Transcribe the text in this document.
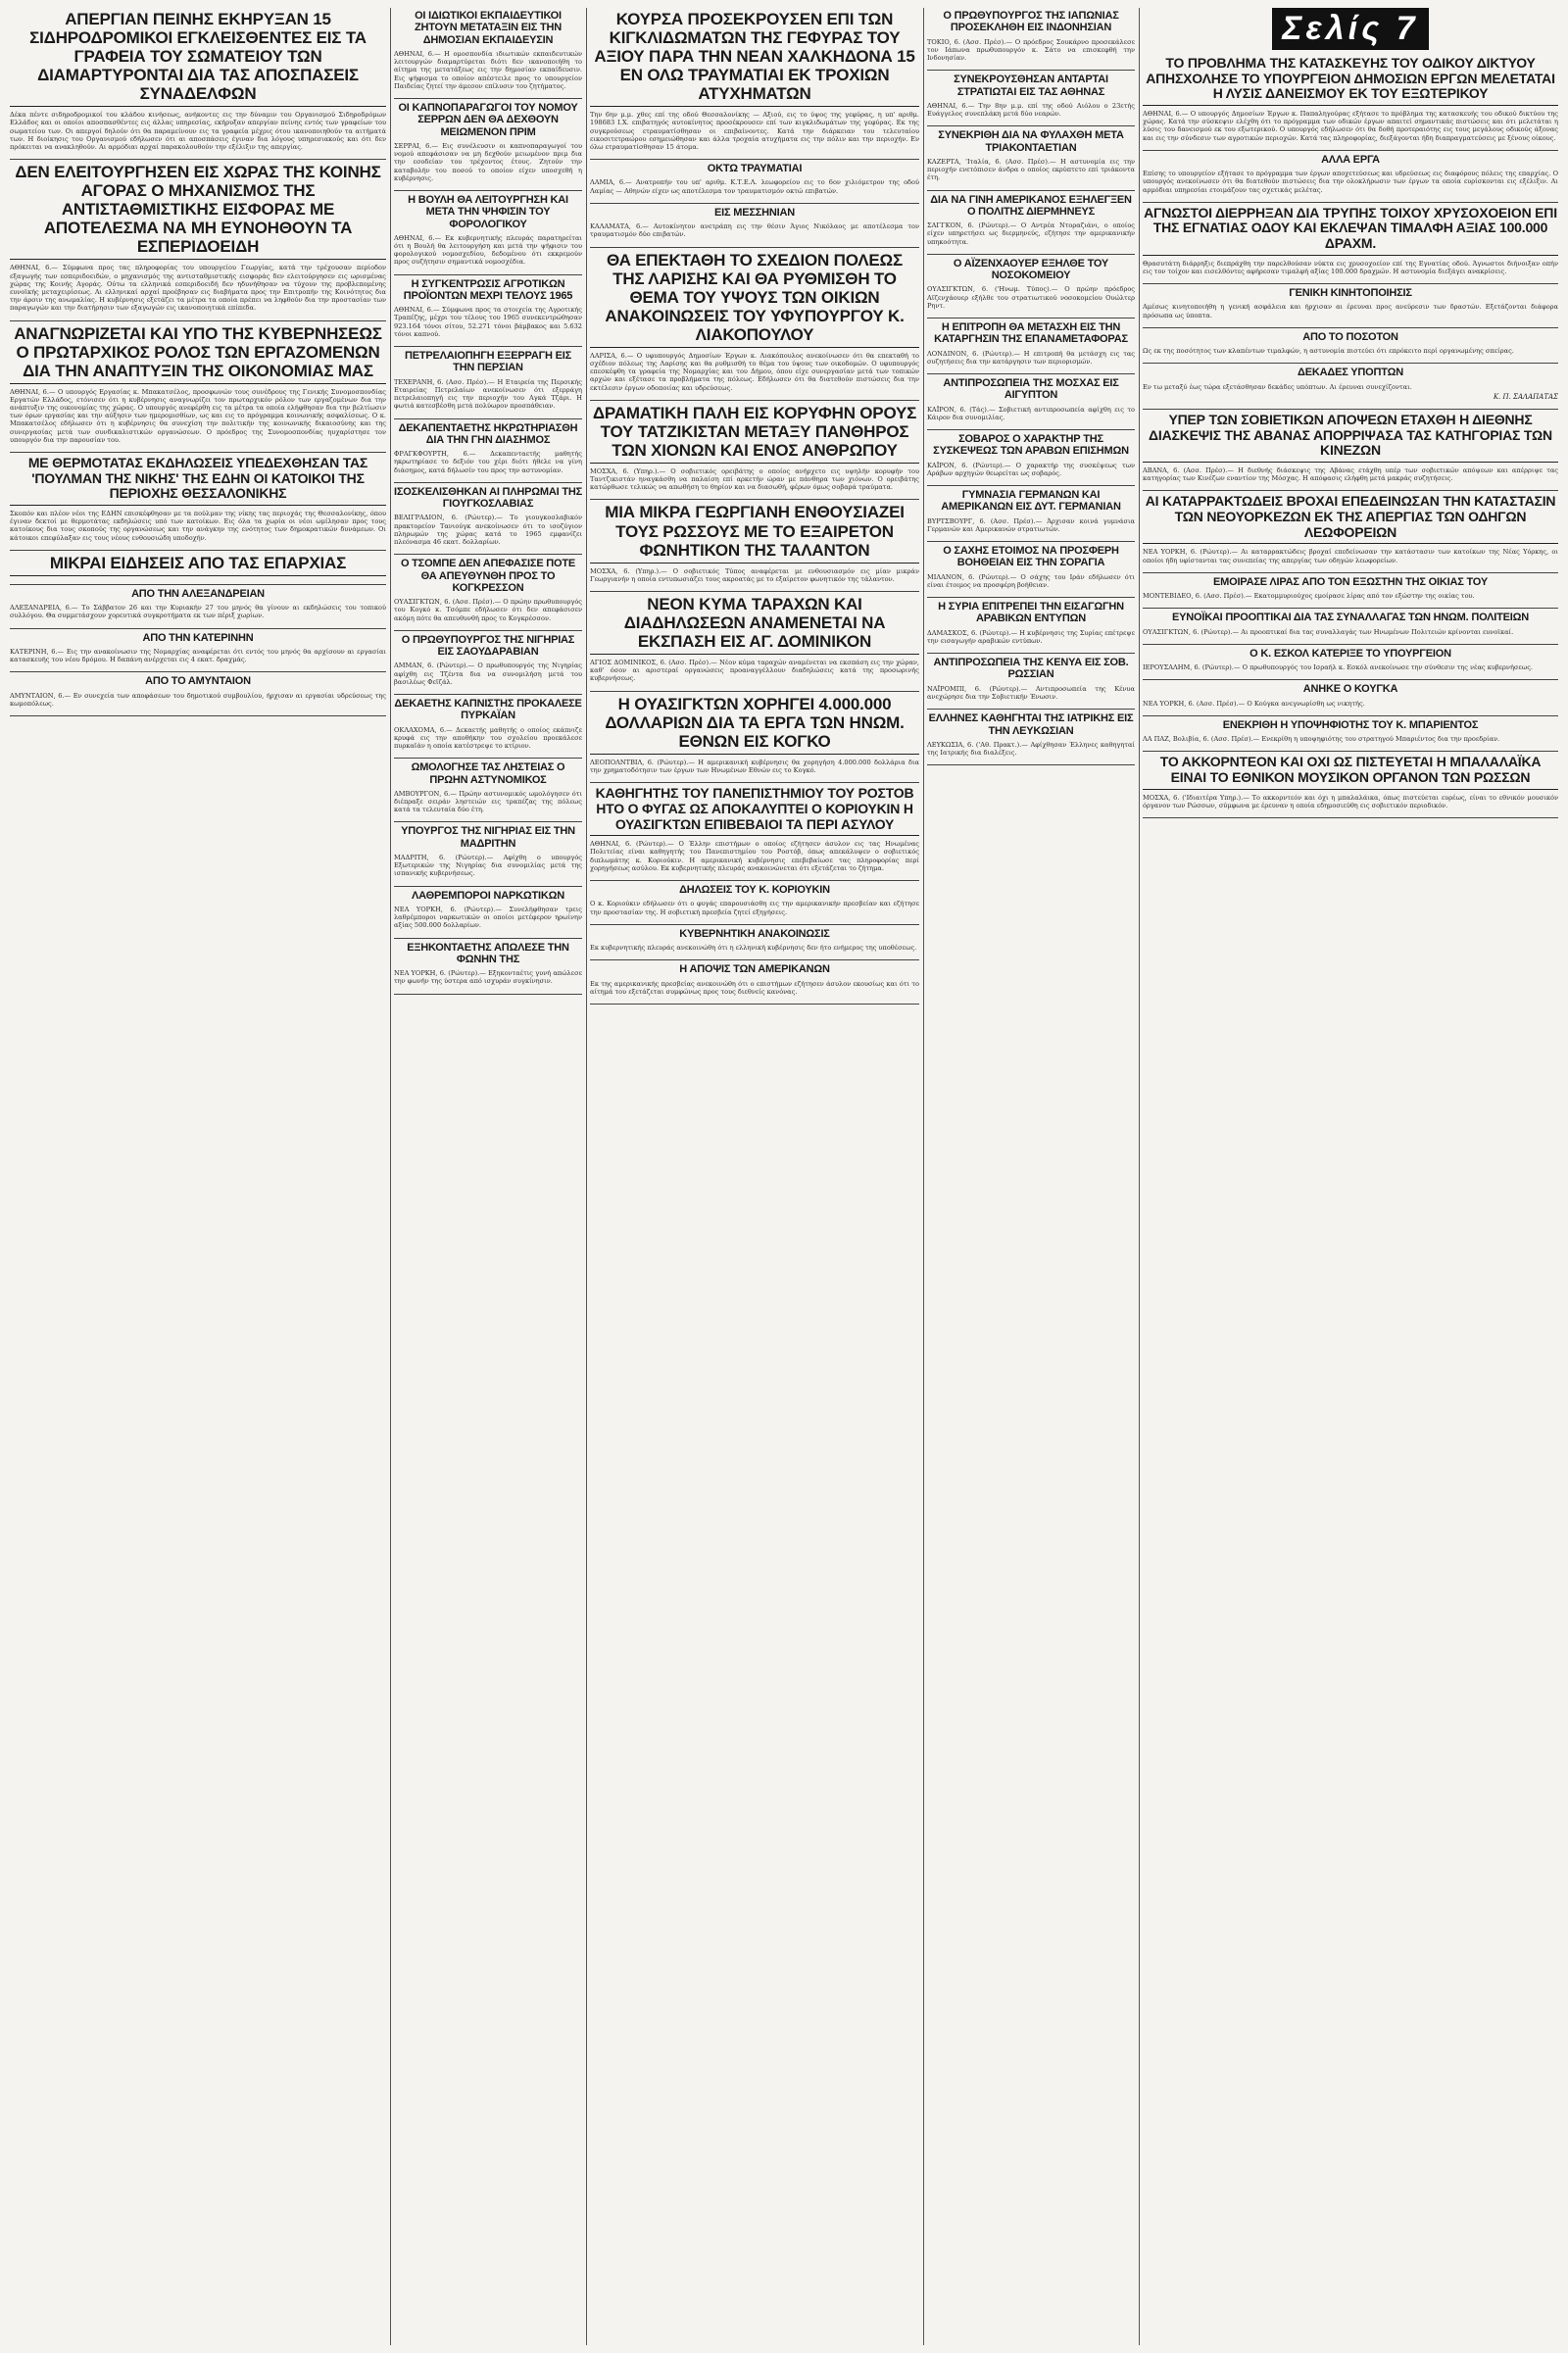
ΑΠΕΡΓΙΑΝ ΠΕΙΝΗΣ ΕΚΗΡΥΞΑΝ 15 ΣΙΔΗΡΟΔΡΟΜΙΚΟΙ ΕΓΚΛΕΙΣΘΕΝΤΕΣ ΕΙΣ ΤΑ ΓΡΑΦΕΙΑ ΤΟΥ ΣΩΜΑΤΕΙΟΥ ΤΩΝ ΔΙΑΜΑΡΤΥΡΟΝΤΑΙ ΔΙΑ ΤΑΣ ΑΠΟΣΠΑΣΕΙΣ ΣΥΝΑΔΕΛΦΩΝ

Δέκα πέντε σιδηροδρομικοί του κλάδου κινήσεως, ανήκοντες εις την δύναμιν του Οργανισμού Σιδηροδρόμων Ελλάδος και οι οποίοι αποσπασθέντες εις άλλας υπηρεσίας, εκήρυξαν απεργίαν πείνης εντός των γραφείων του σωματείου των. Οι απεργοί δηλούν ότι θα παραμείνουν εις τα γραφεία μέχρις ότου ικανοποιηθούν τα αιτήματά των. Η διοίκησις του Οργανισμού εδήλωσεν ότι αι αποσπάσεις έγιναν δια λόγους υπηρεσιακούς και ότι δεν πρόκειται να ανακληθούν. Αι αρμόδιαι αρχαί παρακολουθούν την εξέλιξιν της απεργίας.

ΔΕΝ ΕΛΕΙΤΟΥΡΓΗΣΕΝ ΕΙΣ ΧΩΡΑΣ ΤΗΣ ΚΟΙΝΗΣ ΑΓΟΡΑΣ Ο ΜΗΧΑΝΙΣΜΟΣ ΤΗΣ ΑΝΤΙΣΤΑΘΜΙΣΤΙΚΗΣ ΕΙΣΦΟΡΑΣ ΜΕ ΑΠΟΤΕΛΕΣΜΑ ΝΑ ΜΗ ΕΥΝΟΗΘΟΥΝ ΤΑ ΕΣΠΕΡΙΔΟΕΙΔΗ

ΑΘΗΝΑΙ, 6.— Σύμφωνα προς τας πληροφορίας του υπουργείου Γεωργίας, κατά την τρέχουσαν περίοδον εξαγωγής των εσπεριδοειδών, ο μηχανισμός της αντισταθμιστικής εισφοράς δεν ελειτούργησεν εις ωρισμένας χώρας της Κοινής Αγοράς. Ούτω τα ελληνικά εσπεριδοειδή δεν ηδυνήθησαν να τύχουν της προβλεπομένης ευνοϊκής μεταχειρίσεως. Αι ελληνικαί αρχαί προέβησαν εις διαβήματα προς την Επιτροπήν της Κοινότητος δια την άρσιν της ανωμαλίας. Η κυβέρνησις εξετάζει τα μέτρα τα οποία πρέπει να ληφθούν δια την προστασίαν των παραγωγών και την διατήρησιν των εξαγωγών εις ικανοποιητικά επίπεδα.

ΑΝΑΓΝΩΡΙΖΕΤΑΙ ΚΑΙ ΥΠΟ ΤΗΣ ΚΥΒΕΡΝΗΣΕΩΣ Ο ΠΡΩΤΑΡΧΙΚΟΣ ΡΟΛΟΣ ΤΩΝ ΕΡΓΑΖΟΜΕΝΩΝ ΔΙΑ ΤΗΝ ΑΝΑΠΤΥΞΙΝ ΤΗΣ ΟΙΚΟΝΟΜΙΑΣ ΜΑΣ

ΑΘΗΝΑΙ, 6.— Ο υπουργός Εργασίας κ. Μπακατσέλος, προσφωνών τους συνέδρους της Γενικής Συνομοσπονδίας Εργατών Ελλάδος, ετόνισεν ότι η κυβέρνησις αναγνωρίζει τον πρωταρχικόν ρόλον των εργαζομένων δια την ανάπτυξιν της οικονομίας της χώρας. Ο υπουργός ανεφέρθη εις τα μέτρα τα οποία ελήφθησαν δια την βελτίωσιν των όρων εργασίας και την αύξησιν των ημερομισθίων, ως και εις το πρόγραμμα κοινωνικής ασφαλίσεως. Ο κ. Μπακατσέλος εδήλωσεν ότι η κυβέρνησις θα συνεχίση την πολιτικήν της κοινωνικής δικαιοσύνης και της συνεργασίας μετά των συνδικαλιστικών οργανώσεων. Ο πρόεδρος της Συνομοσπονδίας ηυχαρίστησε τον υπουργόν δια την παρουσίαν του.

ΜΕ ΘΕΡΜΟΤΑΤΑΣ ΕΚΔΗΛΩΣΕΙΣ ΥΠΕΔΕΧΘΗΣΑΝ ΤΑΣ 'ΠΟΥΛΜΑΝ ΤΗΣ ΝΙΚΗΣ' ΤΗΣ ΕΔΗΝ ΟΙ ΚΑΤΟΙΚΟΙ ΤΗΣ ΠΕΡΙΟΧΗΣ ΘΕΣΣΑΛΟΝΙΚΗΣ

Σκοπόν και πλέον νέοι της ΕΔΗΝ επισκέφθησαν με τα πούλμαν της νίκης τας περιοχάς της Θεσσαλονίκης, όπου έγιναν δεκτοί με θερμοτάτας εκδηλώσεις υπό των κατοίκων. Εις όλα τα χωρία οι νέοι ωμίλησαν προς τους κατοίκους δια τους σκοπούς της οργανώσεως και την ανάγκην της ενότητος των δημοκρατικών δυνάμεων. Οι κάτοικοι επεφύλαξαν εις τους νέους ενθουσιώδη υποδοχήν.

ΜΙΚΡΑΙ ΕΙΔΗΣΕΙΣ ΑΠΟ ΤΑΣ ΕΠΑΡΧΙΑΣ
ΑΠΟ ΤΗΝ ΑΛΕΞΑΝΔΡΕΙΑΝ

ΑΛΕΞΑΝΔΡΕΙΑ, 6.— Το Σάββατον 26 και την Κυριακήν 27 του μηνός θα γίνουν αι εκδηλώσεις του τοπικού συλλόγου. Θα συμμετάσχουν χορευτικά συγκροτήματα εκ των πέριξ χωρίων.

ΑΠΟ ΤΗΝ ΚΑΤΕΡΙΝΗΝ

ΚΑΤΕΡΙΝΗ, 6.— Εις την ανακοίνωσιν της Νομαρχίας αναφέρεται ότι εντός του μηνός θα αρχίσουν αι εργασίαι κατασκευής του νέου δρόμου. Η δαπάνη ανέρχεται εις 4 εκατ. δραχμάς.

ΑΠΟ ΤΟ ΑΜΥΝΤΑΙΟΝ

ΑΜΥΝΤΑΙΟΝ, 6.— Εν συνεχεία των αποφάσεων του δημοτικού συμβουλίου, ήρχισαν αι εργασίαι υδρεύσεως της κωμοπόλεως.

ΟΙ ΙΔΙΩΤΙΚΟΙ ΕΚΠΑΙΔΕΥΤΙΚΟΙ ΖΗΤΟΥΝ ΜΕΤΑΤΑΞΙΝ ΕΙΣ ΤΗΝ ΔΗΜΟΣΙΑΝ ΕΚΠΑΙΔΕΥΣΙΝ

ΑΘΗΝΑΙ, 6.— Η ομοσπονδία ιδιωτικών εκπαιδευτικών λειτουργών διαμαρτύρεται διότι δεν ικανοποιήθη το αίτημα της μετατάξεως εις την δημοσίαν εκπαίδευσιν. Εις ψήφισμα το οποίον απέστειλε προς το υπουργείον Παιδείας ζητεί την άμεσον επίλυσιν του ζητήματος.

ΟΙ ΚΑΠΝΟΠΑΡΑΓΩΓΟΙ ΤΟΥ ΝΟΜΟΥ ΣΕΡΡΩΝ ΔΕΝ ΘΑ ΔΕΧΘΟΥΝ ΜΕΙΩΜΕΝΟΝ ΠΡΙΜ

ΣΕΡΡΑΙ, 6.— Εις συνέλευσιν οι καπνοπαραγωγοί του νομού απεφάσισαν να μη δεχθούν μειωμένον πριμ δια την εσοδείαν του τρέχοντος έτους. Ζητούν την καταβολήν του ποσού το οποίον είχεν υποσχεθή η κυβέρνησις.

Η ΒΟΥΛΗ ΘΑ ΛΕΙΤΟΥΡΓΗΣΗ ΚΑΙ ΜΕΤΑ ΤΗΝ ΨΗΦΙΣΙΝ ΤΟΥ ΦΟΡΟΛΟΓΙΚΟΥ

ΑΘΗΝΑΙ, 6.— Εκ κυβερνητικής πλευράς παρατηρείται ότι η Βουλή θα λειτουργήση και μετά την ψήφισιν του φορολογικού νομοσχεδίου, δεδομένου ότι εκκρεμούν προς συζήτησιν σημαντικά νομοσχέδια.

Η ΣΥΓΚΕΝΤΡΩΣΙΣ ΑΓΡΟΤΙΚΩΝ ΠΡΟΪΟΝΤΩΝ ΜΕΧΡΙ ΤΕΛΟΥΣ 1965

ΑΘΗΝΑΙ, 6.— Σύμφωνα προς τα στοιχεία της Αγροτικής Τραπέζης, μέχρι του τέλους του 1965 συνεκεντρώθησαν 923.164 τόνοι σίτου, 52.271 τόνοι βάμβακος και 5.632 τόνοι καπνού.

ΠΕΤΡΕΛΑΙΟΠΗΓΗ ΕΞΕΡΡΑΓΗ ΕΙΣ ΤΗΝ ΠΕΡΣΙΑΝ

ΤΕΧΕΡΑΝΗ, 6. (Ασσ. Πρέσ).— Η Εταιρεία της Περσικής Εταιρείας Πετρελαίων ανεκοίνωσεν ότι εξερράγη πετρελαιοπηγή εις την περιοχήν του Αγκά Τζάρι. Η φωτιά κατεσβέσθη μετά πολύωρον προσπάθειαν.

ΔΕΚΑΠΕΝΤΑΕΤΗΣ ΗΚΡΩΤΗΡΙΑΣΘΗ ΔΙΑ ΤΗΝ ΓΗΝ ΔΙΑΣΗΜΟΣ

ΦΡΑΓΚΦΟΥΡΤΗ, 6.— Δεκαπενταετής μαθητής ηκρωτηρίασε το δεξιόν του χέρι διότι ήθελε να γίνη διάσημος, κατά δήλωσίν του προς την αστυνομίαν.

ΙΣΟΣΚΕΛΙΣΘΗΚΑΝ ΑΙ ΠΛΗΡΩΜΑΙ ΤΗΣ ΓΙΟΥΓΚΟΣΛΑΒΙΑΣ

ΒΕΛΙΓΡΑΔΙΟΝ, 6. (Ρώυτερ).— Το γιουγκοσλαβικόν πρακτορείον Τανιούγκ ανεκοίνωσεν ότι το ισοζύγιον πληρωμών της χώρας κατά το 1965 εμφανίζει πλεόνασμα 46 εκατ. δολλαρίων.

Ο ΤΣΟΜΠΕ ΔΕΝ ΑΠΕΦΑΣΙΣΕ ΠΟΤΕ ΘΑ ΑΠΕΥΘΥΝΘΗ ΠΡΟΣ ΤΟ ΚΟΓΚΡΕΣΣΟΝ

ΟΥΑΣΙΓΚΤΩΝ, 6. (Ασσ. Πρέσ).— Ο πρώην πρωθυπουργός του Κογκό κ. Τσόμπε εδήλωσεν ότι δεν απεφάσισεν ακόμη πότε θα απευθυνθή προς το Κογκρέσσον.

Ο ΠΡΩΘΥΠΟΥΡΓΟΣ ΤΗΣ ΝΙΓΗΡΙΑΣ ΕΙΣ ΣΑΟΥΔΑΡΑΒΙΑΝ

ΑΜΜΑΝ, 6. (Ρώυτερ).— Ο πρωθυπουργός της Νιγηρίας αφίχθη εις Τζέντα δια να συνομιλήση μετά του βασιλέως Φεϊζάλ.

ΔΕΚΑΕΤΗΣ ΚΑΠΝΙΣΤΗΣ ΠΡΟΚΑΛΕΣΕ ΠΥΡΚΑΪΑΝ

ΟΚΛΑΧΟΜΑ, 6.— Δεκαετής μαθητής ο οποίος εκάπνιζε κρυφά εις την αποθήκην του σχολείου προεκάλεσε πυρκαϊάν η οποία κατέστρεψε το κτίριον.

ΩΜΟΛΟΓΗΣΕ ΤΑΣ ΛΗΣΤΕΙΑΣ Ο ΠΡΩΗΝ ΑΣΤΥΝΟΜΙΚΟΣ

ΑΜΒΟΥΡΓΟΝ, 6.— Πρώην αστυνομικός ωμολόγησεν ότι διέπραξε σειράν ληστειών εις τραπέζας της πόλεως κατά τα τελευταία δύο έτη.

ΥΠΟΥΡΓΟΣ ΤΗΣ ΝΙΓΗΡΙΑΣ ΕΙΣ ΤΗΝ ΜΑΔΡΙΤΗΝ

ΜΑΔΡΙΤΗ, 6. (Ρώυτερ).— Αφίχθη ο υπουργός Εξωτερικών της Νιγηρίας δια συνομιλίας μετά της ισπανικής κυβερνήσεως.

ΛΑΘΡΕΜΠΟΡΟΙ ΝΑΡΚΩΤΙΚΩΝ

ΝΕΑ ΥΟΡΚΗ, 6. (Ρώυτερ).— Συνελήφθησαν τρεις λαθρέμποροι ναρκωτικών οι οποίοι μετέφερον ηρωίνην αξίας 500.000 δολλαρίων.

ΕΞΗΚΟΝΤΑΕΤΗΣ ΑΠΩΛΕΣΕ ΤΗΝ ΦΩΝΗΝ ΤΗΣ

ΝΕΑ ΥΟΡΚΗ, 6. (Ρώυτερ).— Εξηκονταέτις γυνή απώλεσε την φωνήν της ύστερα από ισχυράν συγκίνησιν.

ΚΟΥΡΣΑ ΠΡΟΣΕΚΡΟΥΣΕΝ ΕΠΙ ΤΩΝ ΚΙΓΚΛΙΔΩΜΑΤΩΝ ΤΗΣ ΓΕΦΥΡΑΣ ΤΟΥ ΑΞΙΟΥ ΠΑΡΑ ΤΗΝ ΝΕΑΝ ΧΑΛΚΗΔΟΝΑ 15 ΕΝ ΟΛΩ ΤΡΑΥΜΑΤΙΑΙ ΕΚ ΤΡΟΧΙΩΝ ΑΤΥΧΗΜΑΤΩΝ

Την 6ην μ.μ. χθες επί της οδού Θεσσαλονίκης — Αξιού, εις το ύψος της γεφύρας, η υπ' αριθμ. 198683 Ι.Χ. επιβατηγός αυτοκίνητος προσέκρουσεν επί των κιγκλιδωμάτων της γεφύρας. Εκ της συγκρούσεως ετραυματίσθησαν οι επιβαίνοντες. Κατά την διάρκειαν του τελευταίου εικοσιτετραώρου εσημειώθησαν και άλλα τροχαία ατυχήματα εις την πόλιν και την περιοχήν. Εν όλω ετραυματίσθησαν 15 άτομα.

ΟΚΤΩ ΤΡΑΥΜΑΤΙΑΙ

ΛΑΜΙΑ, 6.— Ανατροπήν του υπ' αριθμ. Κ.Τ.Ε.Λ. λεωφορείου εις το 6ον χιλιόμετρον της οδού Λαμίας — Αθηνών είχεν ως αποτέλεσμα τον τραυματισμόν οκτώ επιβατών.

ΕΙΣ ΜΕΣΣΗΝΙΑΝ

ΚΑΛΑΜΑΤΑ, 6.— Αυτοκίνητον ανετράπη εις την θέσιν Άγιος Νικόλαος με αποτέλεσμα τον τραυματισμόν δύο επιβατών.

ΘΑ ΕΠΕΚΤΑΘΗ ΤΟ ΣΧΕΔΙΟΝ ΠΟΛΕΩΣ ΤΗΣ ΛΑΡΙΣΗΣ ΚΑΙ ΘΑ ΡΥΘΜΙΣΘΗ ΤΟ ΘΕΜΑ ΤΟΥ ΥΨΟΥΣ ΤΩΝ ΟΙΚΙΩΝ ΑΝΑΚΟΙΝΩΣΕΙΣ ΤΟΥ ΥΦΥΠΟΥΡΓΟΥ Κ. ΛΙΑΚΟΠΟΥΛΟΥ

ΛΑΡΙΣΑ, 6.— Ο υφυπουργός Δημοσίων Έργων κ. Λιακόπουλος ανεκοίνωσεν ότι θα επεκταθή το σχέδιον πόλεως της Λαρίσης και θα ρυθμισθή το θέμα του ύψους των οικοδομών. Ο υφυπουργός επεσκέφθη τα γραφεία της Νομαρχίας και του Δήμου, όπου είχε συνεργασίαν μετά των τοπικών αρχών και εξέτασε τα προβλήματα της πόλεως. Εδήλωσεν ότι θα διατεθούν πιστώσεις δια την εκτέλεσιν έργων οδοποιίας και υδρεύσεως.

ΔΡΑΜΑΤΙΚΗ ΠΑΛΗ ΕΙΣ ΚΟΡΥΦΗΝ ΟΡΟΥΣ ΤΟΥ ΤΑΤΖΙΚΙΣΤΑΝ ΜΕΤΑΞΥ ΠΑΝΘΗΡΟΣ ΤΩΝ ΧΙΟΝΩΝ ΚΑΙ ΕΝΟΣ ΑΝΘΡΩΠΟΥ

ΜΟΣΧΑ, 6. (Υπηρ.).— Ο σοβιετικός ορειβάτης ο οποίος ανήρχετο εις υψηλήν κορυφήν του Ταντζικιστάν ηναγκάσθη να παλαίση επί αρκετήν ώραν με πάνθηρα των χιόνων. Ο ορειβάτης κατώρθωσε τελικώς να απωθήση το θηρίον και να διασωθή, φέρων όμως σοβαρά τραύματα.

ΜΙΑ ΜΙΚΡΑ ΓΕΩΡΓΙΑΝΗ ΕΝΘΟΥΣΙΑΖΕΙ ΤΟΥΣ ΡΩΣΣΟΥΣ ΜΕ ΤΟ ΕΞΑΙΡΕΤΟΝ ΦΩΝΗΤΙΚΟΝ ΤΗΣ ΤΑΛΑΝΤΟΝ

ΜΟΣΧΑ, 6. (Υπηρ.).— Ο σοβιετικός Τύπος αναφέρεται με ενθουσιασμόν εις μίαν μικράν Γεωργιανήν η οποία εντυπωσιάζει τους ακροατάς με το εξαίρετον φωνητικόν της τάλαντον.

ΝΕΟΝ ΚΥΜΑ ΤΑΡΑΧΩΝ ΚΑΙ ΔΙΑΔΗΛΩΣΕΩΝ ΑΝΑΜΕΝΕΤΑΙ ΝΑ ΕΚΣΠΑΣΗ ΕΙΣ ΑΓ. ΔΟΜΙΝΙΚΟΝ

ΑΓΙΟΣ ΔΟΜΙΝΙΚΟΣ, 6. (Ασσ. Πρέσ).— Νέον κύμα ταραχών αναμένεται να εκσπάση εις την χώραν, καθ' όσον αι αριστεραί οργανώσεις προαναγγέλλουν διαδηλώσεις κατά της προσωρινής κυβερνήσεως.

Η ΟΥΑΣΙΓΚΤΩΝ ΧΟΡΗΓΕΙ 4.000.000 ΔΟΛΛΑΡΙΩΝ ΔΙΑ ΤΑ ΕΡΓΑ ΤΩΝ ΗΝΩΜ. ΕΘΝΩΝ ΕΙΣ ΚΟΓΚΟ

ΛΕΟΠΟΛΝΤΒΙΛ, 6. (Ρώυτερ).— Η αμερικανική κυβέρνησις θα χορηγήση 4.000.000 δολλάρια δια την χρηματοδότησιν των έργων των Ηνωμένων Εθνών εις το Κογκό.

ΚΑΘΗΓΗΤΗΣ ΤΟΥ ΠΑΝΕΠΙΣΤΗΜΙΟΥ ΤΟΥ ΡΟΣΤΟΒ ΗΤΟ Ο ΦΥΓΑΣ ΩΣ ΑΠΟΚΑΛΥΠΤΕΙ Ο ΚΟΡΙΟΥΚΙΝ Η ΟΥΑΣΙΓΚΤΩΝ ΕΠΙΒΕΒΑΙΟΙ ΤΑ ΠΕΡΙ ΑΣΥΛΟΥ

ΑΘΗΝΑΙ, 6. (Ρώυτερ).— Ο Έλλην επιστήμων ο οποίος εζήτησεν άσυλον εις τας Ηνωμένας Πολιτείας είναι καθηγητής του Πανεπιστημίου του Ροστόβ, όπως απεκάλυψεν ο σοβιετικός διπλωμάτης κ. Κοριούκιν. Η αμερικανική κυβέρνησις επεβεβαίωσε τας πληροφορίας περί χορηγήσεως ασύλου. Εκ κυβερνητικής πλευράς ανακοινώνεται ότι εξετάζεται το ζήτημα.

ΔΗΛΩΣΕΙΣ ΤΟΥ Κ. ΚΟΡΙΟΥΚΙΝ

Ο κ. Κοριούκιν εδήλωσεν ότι ο φυγάς επαρουσιάσθη εις την αμερικανικήν πρεσβείαν και εζήτησε την προστασίαν της. Η σοβιετική πρεσβεία ζητεί εξηγήσεις.

ΚΥΒΕΡΝΗΤΙΚΗ ΑΝΑΚΟΙΝΩΣΙΣ

Εκ κυβερνητικής πλευράς ανεκοινώθη ότι η ελληνική κυβέρνησις δεν ήτο ενήμερος της υποθέσεως.

Η ΑΠΟΨΙΣ ΤΩΝ ΑΜΕΡΙΚΑΝΩΝ

Εκ της αμερικανικής πρεσβείας ανεκοινώθη ότι ο επιστήμων εζήτησεν άσυλον εκουσίως και ότι το αίτημά του εξετάζεται συμφώνως προς τους διεθνείς κανόνας.

Ο ΠΡΩΘΥΠΟΥΡΓΟΣ ΤΗΣ ΙΑΠΩΝΙΑΣ ΠΡΟΣΕΚΛΗΘΗ ΕΙΣ ΙΝΔΟΝΗΣΙΑΝ

ΤΟΚΙΟ, 6. (Ασσ. Πρέσ).— Ο πρόεδρος Σουκάρνο προσεκάλεσε τον Ιάπωνα πρωθυπουργόν κ. Σάτο να επισκεφθή την Ινδονησίαν.

ΣΥΝΕΚΡΟΥΣΘΗΣΑΝ ΑΝΤΑΡΤΑΙ ΣΤΡΑΤΙΩΤΑΙ ΕΙΣ ΤΑΣ ΑΘΗΝΑΣ

ΑΘΗΝΑΙ, 6.— Την 8ην μ.μ. επί της οδού Αιόλου ο 23ετής Ευάγγελος συνεπλάκη μετά δύο νεαρών.

ΣΥΝΕΚΡΙΘΗ ΔΙΑ ΝΑ ΦΥΛΑΧΘΗ ΜΕΤΑ ΤΡΙΑΚΟΝΤΑΕΤΙΑΝ

ΚΑΖΕΡΤΑ, 'Ιταλία, 6. (Ασσ. Πρέσ).— Η αστυνομία εις την περιοχήν ενετόπισεν άνδρα ο οποίος εκρύπτετο επί τριάκοντα έτη.

ΔΙΑ ΝΑ ΓΙΝΗ ΑΜΕΡΙΚΑΝΟΣ ΕΞΗΛΕΓΞΕΝ Ο ΠΟΛΙΤΗΣ ΔΙΕΡΜΗΝΕΥΣ

ΣΑΓΓΚΟΝ, 6. (Ρώυτερ).— Ο Αντρέα Ντοραζιάνι, ο οποίος είχεν υπηρετήσει ως διερμηνεύς, εζήτησε την αμερικανικήν υπηκοότητα.

Ο ΑΪΖΕΝΧΑΟΥΕΡ ΕΞΗΛΘΕ ΤΟΥ ΝΟΣΟΚΟΜΕΙΟΥ

ΟΥΑΣΙΓΚΤΩΝ, 6. ('Ηνωμ. Τύπος).— Ο πρώην πρόεδρος Αϊζενχάουερ εξήλθε του στρατιωτικού νοσοκομείου Ουώλτερ Ρηντ.

Η ΕΠΙΤΡΟΠΗ ΘΑ ΜΕΤΑΣΧΗ ΕΙΣ ΤΗΝ ΚΑΤΑΡΓΗΣΙΝ ΤΗΣ ΕΠΑΝΑΜΕΤΑΦΟΡΑΣ

ΛΟΝΔΙΝΟΝ, 6. (Ρώυτερ).— Η επιτροπή θα μετάσχη εις τας συζητήσεις δια την κατάργησιν των περιορισμών.

ΑΝΤΙΠΡΟΣΩΠΕΙΑ ΤΗΣ ΜΟΣΧΑΣ ΕΙΣ ΑΙΓΥΠΤΟΝ

ΚΑΪΡΟΝ, 6. (Τάς).— Σοβιετική αντιπροσωπεία αφίχθη εις το Κάιρον δια συνομιλίας.

ΣΟΒΑΡΟΣ Ο ΧΑΡΑΚΤΗΡ ΤΗΣ ΣΥΣΚΕΨΕΩΣ ΤΩΝ ΑΡΑΒΩΝ ΕΠΙΣΗΜΩΝ

ΚΑΪΡΟΝ, 6. (Ρώυτερ).— Ο χαρακτήρ της συσκέψεως των Αράβων αρχηγών θεωρείται ως σοβαρός.

ΓΥΜΝΑΣΙΑ ΓΕΡΜΑΝΩΝ ΚΑΙ ΑΜΕΡΙΚΑΝΩΝ ΕΙΣ ΔΥΤ. ΓΕΡΜΑΝΙΑΝ

ΒΥΡΤΣΒΟΥΡΓ, 6. (Ασσ. Πρέσ).— Άρχισαν κοινά γυμνάσια Γερμανών και Αμερικανών στρατιωτών.

Ο ΣΑΧΗΣ ΕΤΟΙΜΟΣ ΝΑ ΠΡΟΣΦΕΡΗ ΒΟΗΘΕΙΑΝ ΕΙΣ ΤΗΝ ΣΟΡΑΓΙΑ

ΜΙΛΑΝΟΝ, 6. (Ρώυτερ).— Ο σάχης του Ιράν εδήλωσεν ότι είναι έτοιμος να προσφέρη βοήθειαν.

Η ΣΥΡΙΑ ΕΠΙΤΡΕΠΕΙ ΤΗΝ ΕΙΣΑΓΩΓΗΝ ΑΡΑΒΙΚΩΝ ΕΝΤΥΠΩΝ

ΔΑΜΑΣΚΟΣ, 6. (Ρώυτερ).— Η κυβέρνησις της Συρίας επέτρεψε την εισαγωγήν αραβικών εντύπων.

ΑΝΤΙΠΡΟΣΩΠΕΙΑ ΤΗΣ ΚΕΝΥΑ ΕΙΣ ΣΟΒ. ΡΩΣΣΙΑΝ

ΝΑΪΡΟΜΠΙ, 6. (Ρώυτερ).— Αντιπροσωπεία της Κένυα ανεχώρησε δια την Σοβιετικήν Ένωσιν.

ΕΛΛΗΝΕΣ ΚΑΘΗΓΗΤΑΙ ΤΗΣ ΙΑΤΡΙΚΗΣ ΕΙΣ ΤΗΝ ΛΕΥΚΩΣΙΑΝ

ΛΕΥΚΩΣΙΑ, 6. ('Αθ. Πρακτ.).— Αφίχθησαν Έλληνες καθηγηταί της Ιατρικής δια διαλέξεις.

Σελίς 7
ΤΟ ΠΡΟΒΛΗΜΑ ΤΗΣ ΚΑΤΑΣΚΕΥΗΣ ΤΟΥ ΟΔΙΚΟΥ ΔΙΚΤΥΟΥ ΑΠΗΣΧΟΛΗΣΕ ΤΟ ΥΠΟΥΡΓΕΙΟΝ ΔΗΜΟΣΙΩΝ ΕΡΓΩΝ ΜΕΛΕΤΑΤΑΙ Η ΛΥΣΙΣ ΔΑΝΕΙΣΜΟΥ ΕΚ ΤΟΥ ΕΞΩΤΕΡΙΚΟΥ

ΑΘΗΝΑΙ, 6.— Ο υπουργός Δημοσίων Έργων κ. Παπαληγούρας εξήτασε το πρόβλημα της κατασκευής του οδικού δικτύου της χώρας. Κατά την σύσκεψιν ελέχθη ότι το πρόγραμμα των οδικών έργων απαιτεί σημαντικάς πιστώσεις και ότι μελετάται η λύσις του δανεισμού εκ του εξωτερικού. Ο υπουργός εδήλωσεν ότι θα δοθή προτεραιότης εις τους μεγάλους οδικούς άξονας και εις την σύνδεσιν των αγροτικών περιοχών. Κατά τας πληροφορίας, διεξάγονται ήδη διαπραγματεύσεις με ξένους οίκους.

ΑΛΛΑ ΕΡΓΑ

Επίσης το υπουργείον εξήτασε το πρόγραμμα των έργων αποχετεύσεως και υδρεύσεως εις διαφόρους πόλεις της επαρχίας. Ο υπουργός ανεκοίνωσεν ότι θα διατεθούν πιστώσεις δια την ολοκλήρωσιν των έργων τα οποία ευρίσκονται εις εξέλιξιν. Αι αρμόδιαι υπηρεσίαι ετοιμάζουν τας σχετικάς μελέτας.

ΑΓΝΩΣΤΟΙ ΔΙΕΡΡΗΞΑΝ ΔΙΑ ΤΡΥΠΗΣ ΤΟΙΧΟΥ ΧΡΥΣΟΧΟΕΙΟΝ ΕΠΙ ΤΗΣ ΕΓΝΑΤΙΑΣ ΟΔΟΥ ΚΑΙ ΕΚΛΕΨΑΝ ΤΙΜΑΛΦΗ ΑΞΙΑΣ 100.000 ΔΡΑΧΜ.

Θρασυτάτη διάρρηξις διεπράχθη την παρελθούσαν νύκτα εις χρυσοχοείον επί της Εγνατίας οδού. Άγνωστοι διήνοιξαν οπήν εις τον τοίχον και εισελθόντες αφήρεσαν τιμαλφή αξίας 100.000 δραχμών. Η αστυνομία διεξάγει ανακρίσεις.

ΓΕΝΙΚΗ ΚΙΝΗΤΟΠΟΙΗΣΙΣ

Αμέσως κινητοποιήθη η γενική ασφάλεια και ήρχισαν αι έρευναι προς ανεύρεσιν των δραστών. Εξετάζονται διάφορα πρόσωπα ως ύποπτα.

ΑΠΟ ΤΟ ΠΟΣΟΤΟΝ

Ως εκ της ποσότητος των κλαπέντων τιμαλφών, η αστυνομία πιστεύει ότι επρόκειτο περί οργανωμένης σπείρας.

ΔΕΚΑΔΕΣ ΥΠΟΠΤΩΝ

Εν τω μεταξύ έως τώρα εξετάσθησαν δεκάδες υπόπτων. Αι έρευναι συνεχίζονται.

Κ. Π. ΣΑΛΑΠΑΤΑΣ
ΥΠΕΡ ΤΩΝ ΣΟΒΙΕΤΙΚΩΝ ΑΠΟΨΕΩΝ ΕΤΑΧΘΗ Η ΔΙΕΘΝΗΣ ΔΙΑΣΚΕΨΙΣ ΤΗΣ ΑΒΑΝΑΣ ΑΠΟΡΡΙΨΑΣΑ ΤΑΣ ΚΑΤΗΓΟΡΙΑΣ ΤΩΝ ΚΙΝΕΖΩΝ

ΑΒΑΝΑ, 6. (Ασσ. Πρέσ).— Η διεθνής διάσκεψις της Αβάνας ετάχθη υπέρ των σοβιετικών απόψεων και απέρριψε τας κατηγορίας των Κινέζων εναντίον της Μόσχας. Η απόφασις ελήφθη μετά μακράς συζητήσεις.

ΑΙ ΚΑΤΑΡΡΑΚΤΩΔΕΙΣ ΒΡΟΧΑΙ ΕΠΕΔΕΙΝΩΣΑΝ ΤΗΝ ΚΑΤΑΣΤΑΣΙΝ ΤΩΝ ΝΕΟΥΟΡΚΕΖΩΝ ΕΚ ΤΗΣ ΑΠΕΡΓΙΑΣ ΤΩΝ ΟΔΗΓΩΝ ΛΕΩΦΟΡΕΙΩΝ

ΝΕΑ ΥΟΡΚΗ, 6. (Ρώυτερ).— Αι καταρρακτώδεις βροχαί επεδείνωσαν την κατάστασιν των κατοίκων της Νέας Υόρκης, οι οποίοι ήδη υφίστανται τας συνεπείας της απεργίας των οδηγών λεωφορείων.

ΕΜΟΙΡΑΣΕ ΛΙΡΑΣ ΑΠΟ ΤΟΝ ΕΞΩΣΤΗΝ ΤΗΣ ΟΙΚΙΑΣ ΤΟΥ

ΜΟΝΤΕΒΙΔΕΟ, 6. (Ασσ. Πρέσ).— Εκατομμυριούχος εμοίρασε λίρας από τον εξώστην της οικίας του.

ΕΥΝΟΪΚΑΙ ΠΡΟΟΠΤΙΚΑΙ ΔΙΑ ΤΑΣ ΣΥΝΑΛΛΑΓΑΣ ΤΩΝ ΗΝΩΜ. ΠΟΛΙΤΕΙΩΝ

ΟΥΑΣΙΓΚΤΩΝ, 6. (Ρώυτερ).— Αι προοπτικαί δια τας συναλλαγάς των Ηνωμένων Πολιτειών κρίνονται ευνοϊκαί.

Ο Κ. ΕΣΚΟΛ ΚΑΤΕΡΙΞΕ ΤΟ ΥΠΟΥΡΓΕΙΟΝ

ΙΕΡΟΥΣΑΛΗΜ, 6. (Ρώυτερ).— Ο πρωθυπουργός του Ισραήλ κ. Εσκόλ ανεκοίνωσε την σύνθεσιν της νέας κυβερνήσεως.

ΑΝΗΚΕ Ο ΚΟΥΓΚΑ

ΝΕΑ ΥΟΡΚΗ, 6. (Ασσ. Πρέσ).— Ο Κούγκα ανεγνωρίσθη ως νικητής.

ΕΝΕΚΡΙΘΗ Η ΥΠΟΨΗΦΙΟΤΗΣ ΤΟΥ Κ. ΜΠΑΡΙΕΝΤΟΣ

ΛΑ ΠΑΖ, Βολιβία, 6. (Ασσ. Πρέσ).— Ενεκρίθη η υποψηφιότης του στρατηγού Μπαριέντος δια την προεδρίαν.

ΤΟ ΑΚΚΟΡΝΤΕΟΝ ΚΑΙ ΟΧΙ ΩΣ ΠΙΣΤΕΥΕΤΑΙ Η ΜΠΑΛΑΛΑΪΚΑ ΕΙΝΑΙ ΤΟ ΕΘΝΙΚΟΝ ΜΟΥΣΙΚΟΝ ΟΡΓΑΝΟΝ ΤΩΝ ΡΩΣΣΩΝ

ΜΟΣΧΑ, 6. ('Ιδιαιτέρα Υπηρ.).— Το ακκορντεόν και όχι η μπαλαλάικα, όπως πιστεύεται ευρέως, είναι το εθνικόν μουσικόν όργανον των Ρώσσων, σύμφωνα με έρευναν η οποία εδημοσιεύθη εις σοβιετικόν περιοδικόν.
